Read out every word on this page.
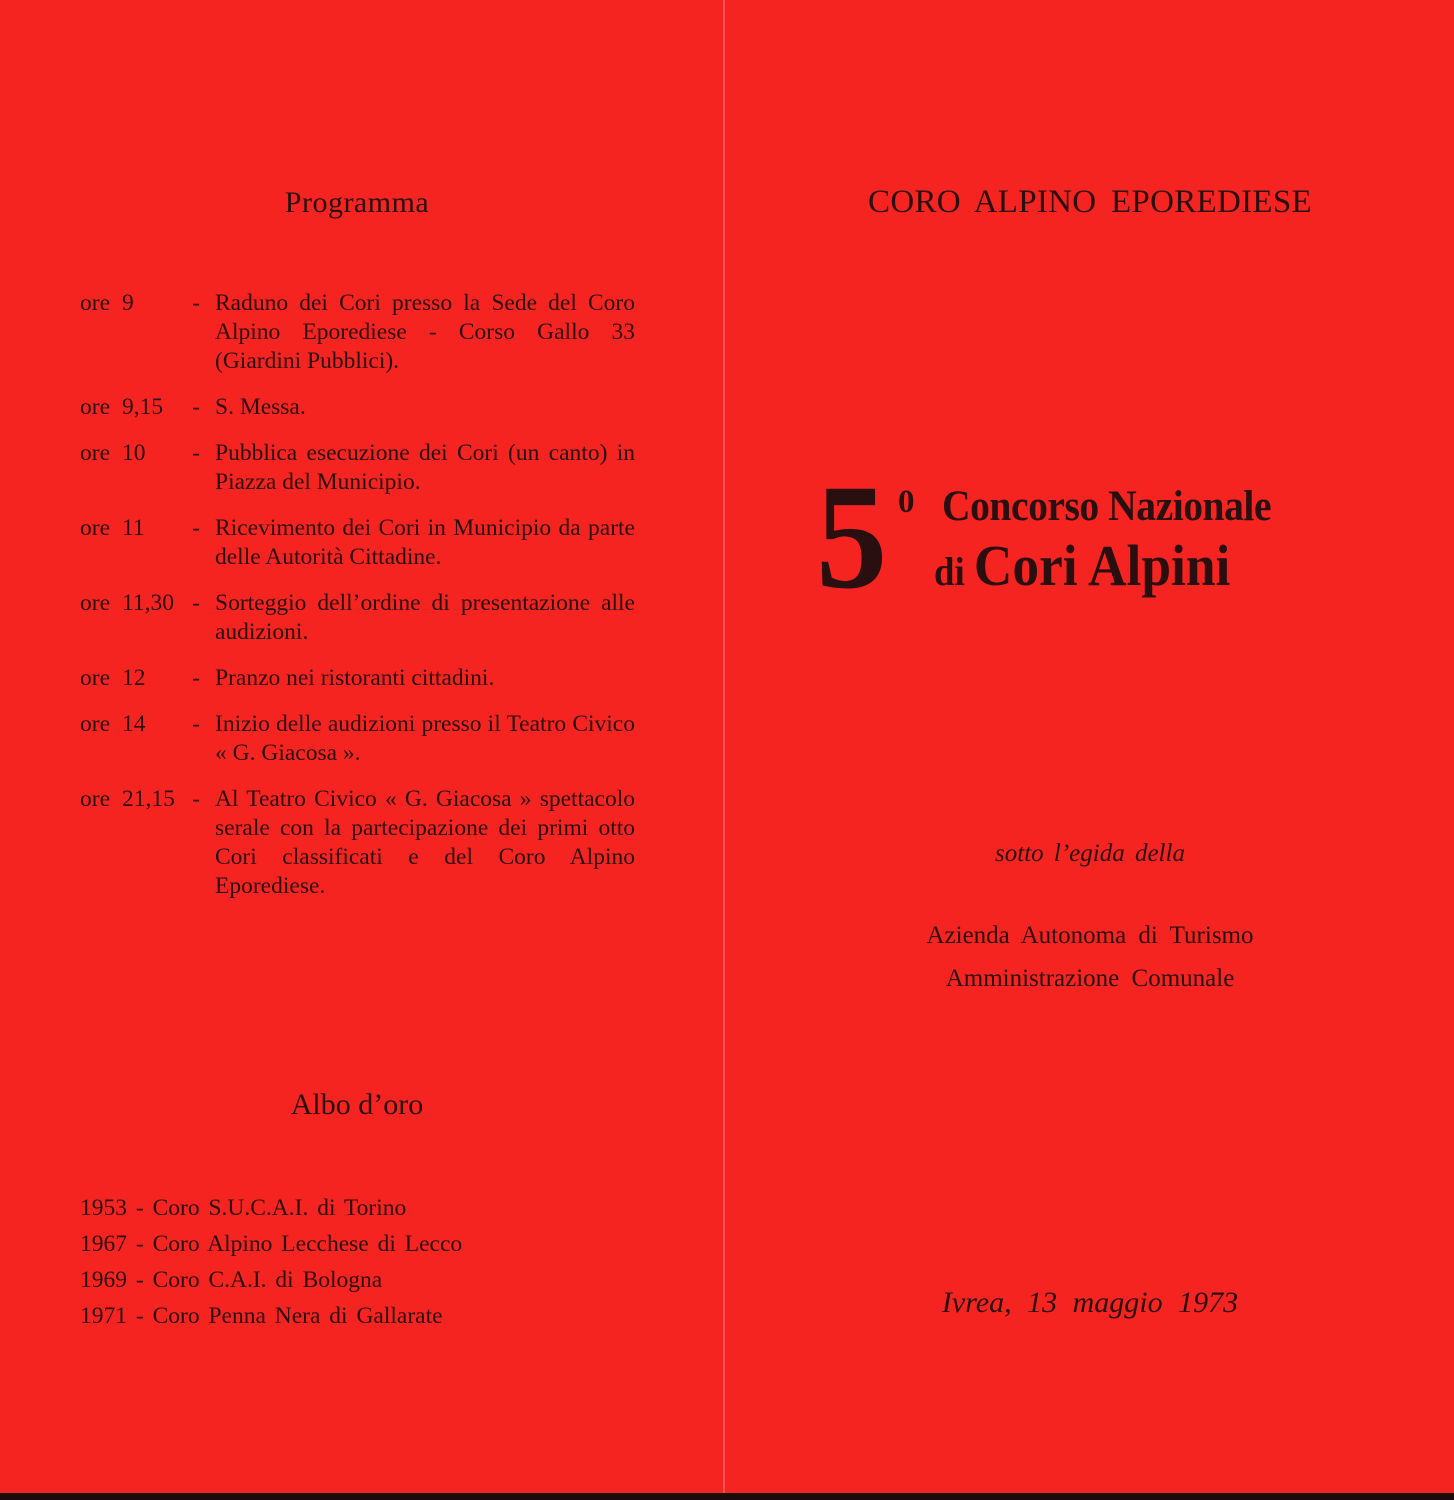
Programma
ore 9	- Raduno dei Cori presso la Sede del Coro Alpino Eporediese - Corso Gallo 33 (Giardini Pubblici).
ore 9,15	- S. Messa.
ore 10	- Pubblica esecuzione dei Cori (un canto) in Piazza del Municipio.
ore 11	- Ricevimento dei Cori in Municipio da parte delle Autorità Cittadine.
ore 11,30 - Sorteggio dell’ordine di presentazione alle audizioni.
ore 12	- Pranzo nei ristoranti cittadini.
ore 14	- Inizio delle audizioni presso il Teatro Civico « G. Giacosa ».
ore 21,15 - Al Teatro Civico « G. Giacosa » spettacolo serale con la partecipazione dei primi otto Cori classificati e del Coro Alpino Eporediese.
Albo d’oro
1953 - Coro S.U.C.A.I. di Torino
1967 - Coro Alpino Lecchese di Lecco
1969 - Coro C.A.I. di Bologna
1971 - Coro Penna Nera di Gallarate
CORO ALPINO EPOREDIESE
5 0 Concorso Nazionale
di Cori Alpini
sotto l’egida della
Azienda Autonoma di Turismo
Amministrazione Comunale
Ivrea, 13 maggio 1973
